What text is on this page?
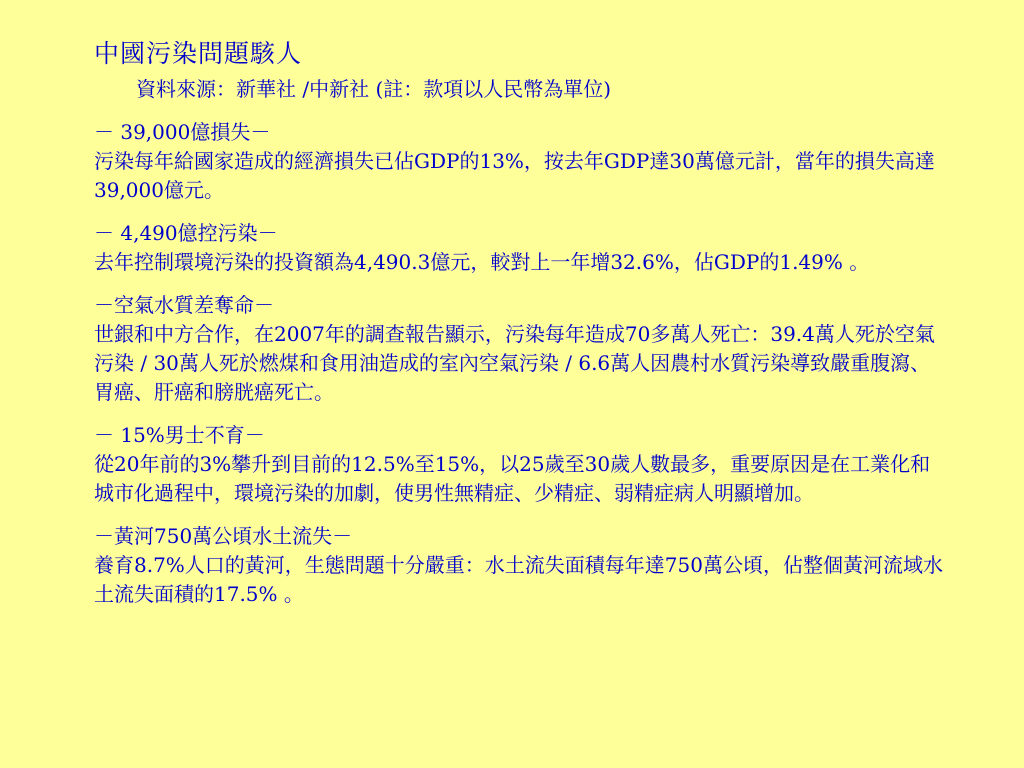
中國污染問題駭人
資料來源：新華社 /中新社 (註：款項以人民幣為單位)
－ 39,000億損失－
污染每年給國家造成的經濟損失已佔GDP的13%，按去年GDP達30萬億元計，當年的損失高達39,000億元。
－ 4,490億控污染－
去年控制環境污染的投資額為4,490.3億元，較對上一年增32.6%，佔GDP的1.49% 。
－空氣水質差奪命－
世銀和中方合作，在2007年的調查報告顯示，污染每年造成70多萬人死亡：39.4萬人死於空氣污染 / 30萬人死於燃煤和食用油造成的室內空氣污染 / 6.6萬人因農村水質污染導致嚴重腹瀉、胃癌、肝癌和膀胱癌死亡。
－ 15%男士不育－
從20年前的3%攀升到目前的12.5%至15%，以25歲至30歲人數最多，重要原因是在工業化和城市化過程中，環境污染的加劇，使男性無精症、少精症、弱精症病人明顯增加。
－黃河750萬公頃水土流失－
養育8.7%人口的黃河，生態問題十分嚴重：水土流失面積每年達750萬公頃，佔整個黃河流域水土流失面積的17.5% 。
